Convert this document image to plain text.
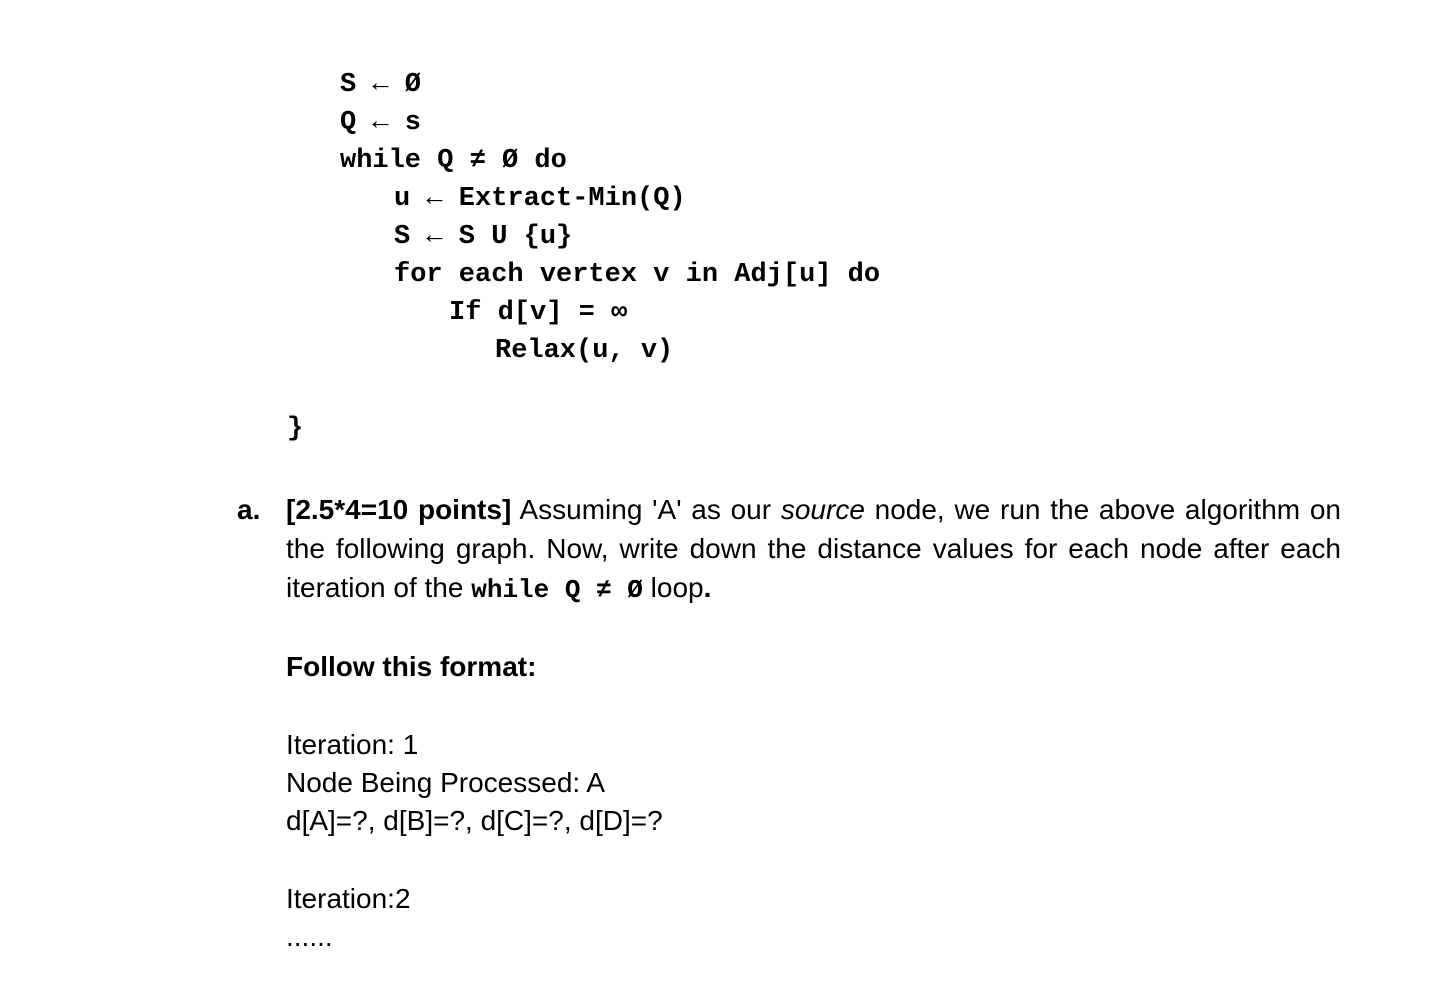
S ← Ø
Q ← s
while Q ≠ Ø do
u ← Extract-Min(Q)
S ← S U {u}
for each vertex v in Adj[u] do
If d[v] = ∞
Relax(u, v)
}
a. [2.5*4=10 points] Assuming 'A' as our source node, we run the above algorithm on the following graph. Now, write down the distance values for each node after each iteration of the while Q ≠ Ø loop.
Follow this format:
Iteration: 1
Node Being Processed: A
d[A]=?, d[B]=?, d[C]=?, d[D]=?
Iteration:2
......
